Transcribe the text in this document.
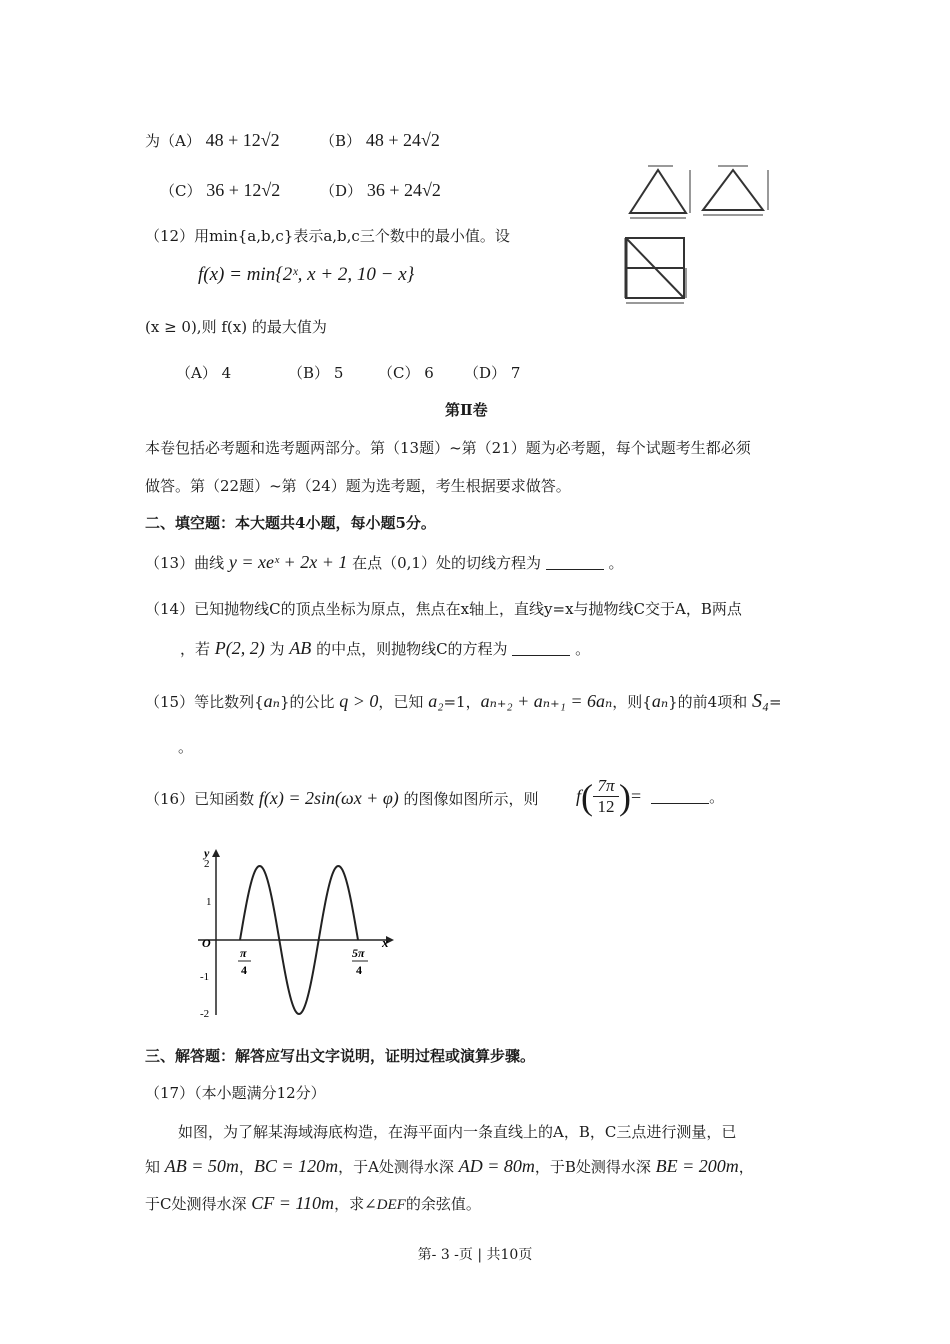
为（A） 48 + 12√2	（B） 48 + 24√2
（C） 36 + 12√2	（D） 36 + 24√2
（12）用min{a,b,c}表示a,b,c三个数中的最小值。设
f(x) = min{2ˣ, x + 2, 10 − x}
(x ≥ 0),则 f(x) 的最大值为
（A） 4	（B） 5 （C） 6 （D） 7
第Ⅱ卷
本卷包括必考题和选考题两部分。第（13题）~第（21）题为必考题，每个试题考生都必须
做答。第（22题）~第（24）题为选考题，考生根据要求做答。
二、填空题：本大题共4小题，每小题5分。
（13）曲线 y = xeˣ + 2x + 1 在点（0,1）处的切线方程为	。
（14）已知抛物线C的顶点坐标为原点，焦点在x轴上，直线y=x与抛物线C交于A，B两点
，若 P(2, 2) 为 AB 的中点，则抛物线C的方程为	。
（15）等比数列{aₙ}的公比 q > 0，已知 a₂=1，aₙ₊₂ + aₙ₊₁ = 6aₙ，则{aₙ}的前4项和 S₄=
。
（16）已知函数 f(x) = 2sin(ωx + φ) 的图像如图所示，则 f ( 7π
12 ) =	。
y
x
O
2
1
-1
-2
π
4
5π
4
三、解答题：解答应写出文字说明，证明过程或演算步骤。
（17）（本小题满分12分）
如图，为了解某海域海底构造，在海平面内一条直线上的A，B，C三点进行测量，已
知 AB = 50m，BC = 120m，于A处测得水深 AD = 80m，于B处测得水深 BE = 200m，
于C处测得水深 CF = 110m，求∠DEF的余弦值。
第- 3 -页 | 共10页
